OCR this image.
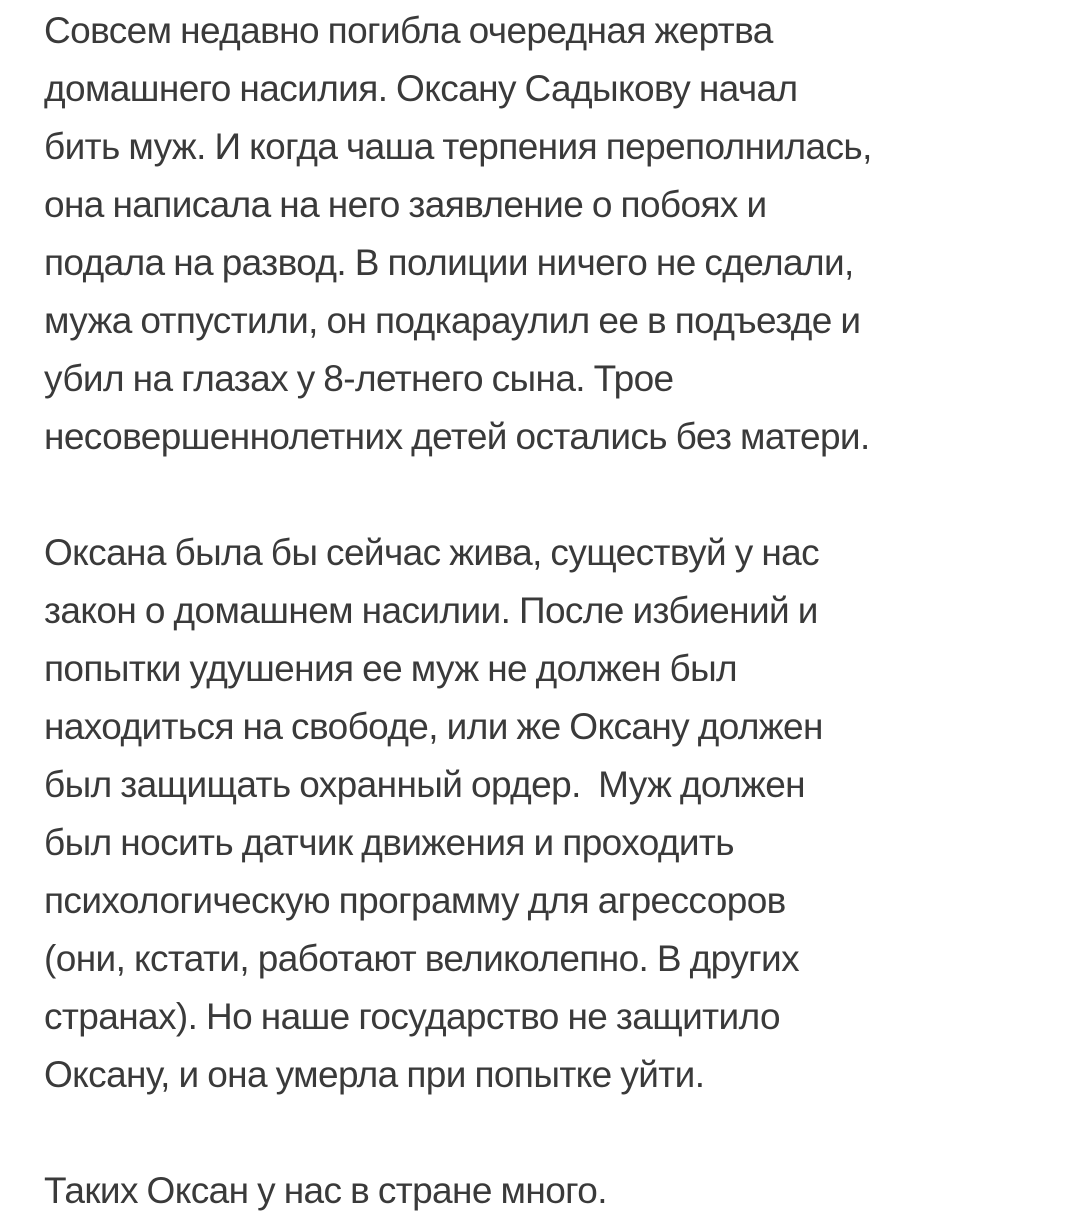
Совсем недавно погибла очередная жертва
домашнего насилия. Оксану Садыкову начал
бить муж. И когда чаша терпения переполнилась,
она написала на него заявление о побоях и
подала на развод. В полиции ничего не сделали,
мужа отпустили, он подкараулил ее в подъезде и
убил на глазах у 8-летнего сына. Трое
несовершеннолетних детей остались без матери.
Оксана была бы сейчас жива, существуй у нас
закон о домашнем насилии. После избиений и
попытки удушения ее муж не должен был
находиться на свободе, или же Оксану должен
был защищать охранный ордер.  Муж должен
был носить датчик движения и проходить
психологическую программу для агрессоров
(они, кстати, работают великолепно. В других
странах). Но наше государство не защитило
Оксану, и она умерла при попытке уйти.
Таких Оксан у нас в стране много.
